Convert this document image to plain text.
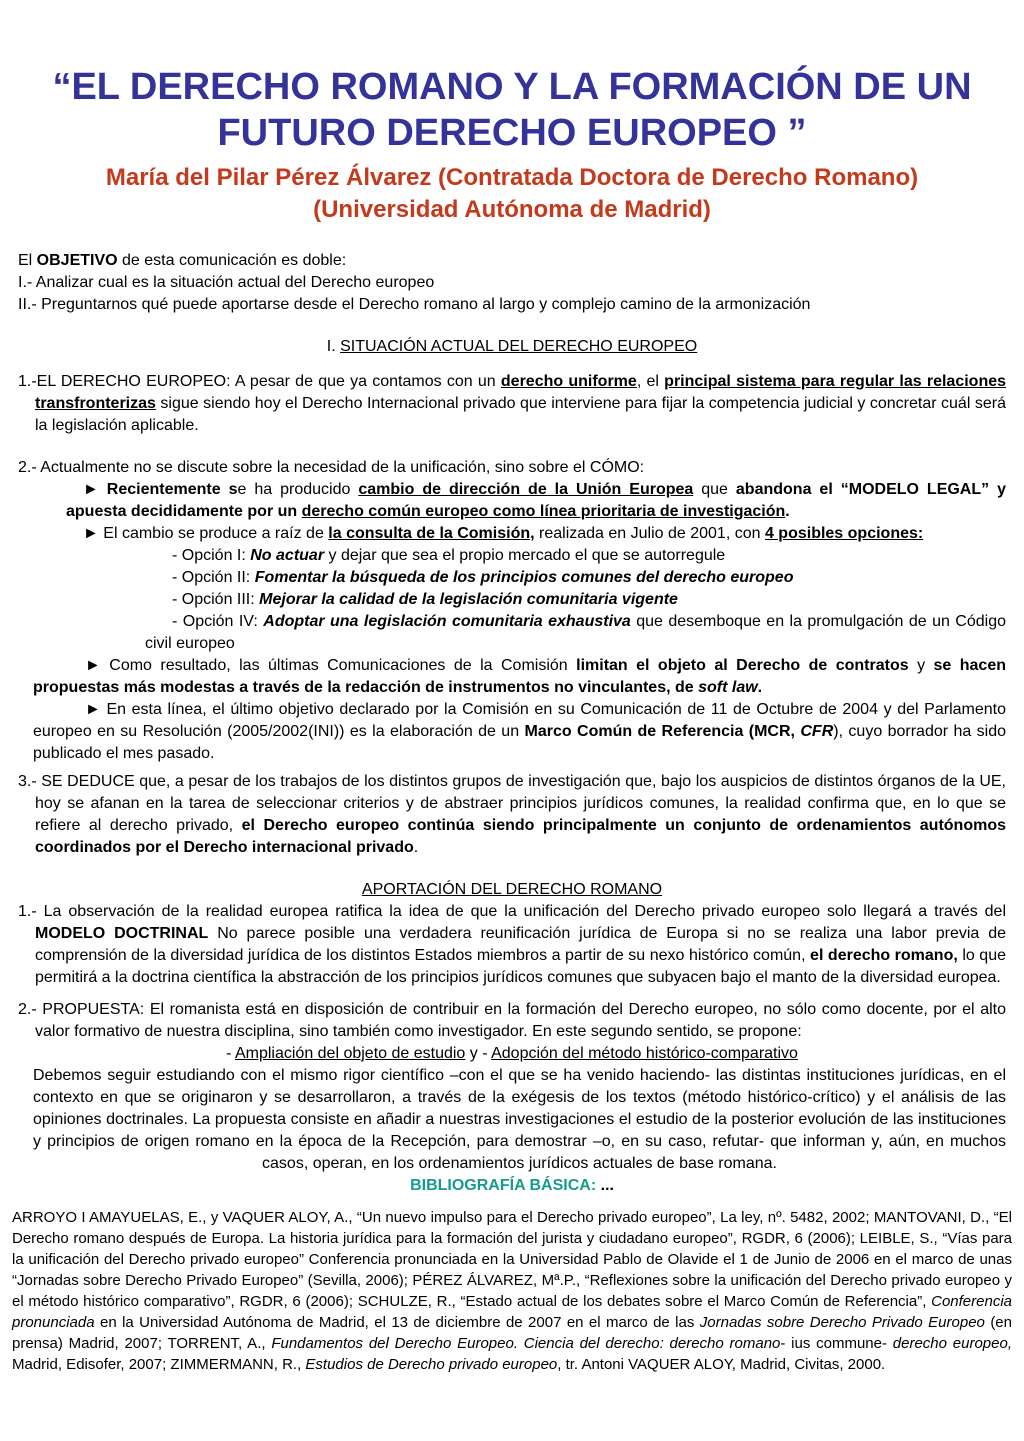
“EL DERECHO ROMANO Y LA FORMACIÓN DE UN
FUTURO DERECHO EUROPEO ”
María del Pilar Pérez Álvarez (Contratada Doctora de Derecho Romano)
(Universidad Autónoma de Madrid)
El OBJETIVO de esta comunicación es doble:
I.- Analizar cual es la situación actual del Derecho europeo
II.- Preguntarnos qué puede aportarse desde el Derecho romano al largo y complejo camino de la armonización
I. SITUACIÓN ACTUAL DEL DERECHO EUROPEO
1.-EL DERECHO EUROPEO: A pesar de que ya contamos con un derecho uniforme, el principal sistema para regular las relaciones transfronterizas sigue siendo hoy el Derecho Internacional privado que interviene para fijar la competencia judicial y concretar cuál será la legislación aplicable.
2.- Actualmente no se discute sobre la necesidad de la unificación, sino sobre el CÓMO:
► Recientemente se ha producido cambio de dirección de la Unión Europea que abandona el “MODELO LEGAL” y apuesta decididamente por un derecho común europeo como línea prioritaria de investigación.
► El cambio se produce a raíz de la consulta de la Comisión, realizada en Julio de 2001, con 4 posibles opciones:
- Opción I: No actuar y dejar que sea el propio mercado el que se autorregule
- Opción II: Fomentar la búsqueda de los principios comunes del derecho europeo
- Opción III: Mejorar la calidad de la legislación comunitaria vigente
- Opción IV: Adoptar una legislación comunitaria exhaustiva que desemboque en la promulgación de un Código civil europeo
► Como resultado, las últimas Comunicaciones de la Comisión limitan el objeto al Derecho de contratos y se hacen propuestas más modestas a través de la redacción de instrumentos no vinculantes, de soft law.
► En esta línea, el último objetivo declarado por la Comisión en su Comunicación de 11 de Octubre de 2004 y del Parlamento europeo en su Resolución (2005/2002(INI)) es la elaboración de un Marco Común de Referencia (MCR, CFR), cuyo borrador ha sido publicado el mes pasado.
3.- SE DEDUCE que, a pesar de los trabajos de los distintos grupos de investigación que, bajo los auspicios de distintos órganos de la UE, hoy se afanan en la tarea de seleccionar criterios y de abstraer principios jurídicos comunes, la realidad confirma que, en lo que se refiere al derecho privado, el Derecho europeo continúa siendo principalmente un conjunto de ordenamientos autónomos coordinados por el Derecho internacional privado.
APORTACIÓN DEL DERECHO ROMANO
1.- La observación de la realidad europea ratifica la idea de que la unificación del Derecho privado europeo solo llegará a través del MODELO DOCTRINAL No parece posible una verdadera reunificación jurídica de Europa si no se realiza una labor previa de comprensión de la diversidad jurídica de los distintos Estados miembros a partir de su nexo histórico común, el derecho romano, lo que permitirá a la doctrina científica la abstracción de los principios jurídicos comunes que subyacen bajo el manto de la diversidad europea.
2.- PROPUESTA: El romanista está en disposición de contribuir en la formación del Derecho europeo, no sólo como docente, por el alto valor formativo de nuestra disciplina, sino también como investigador. En este segundo sentido, se propone:
- Ampliación del objeto de estudio y - Adopción del método histórico-comparativo
Debemos seguir estudiando con el mismo rigor científico –con el que se ha venido haciendo- las distintas instituciones jurídicas, en el contexto en que se originaron y se desarrollaron, a través de la exégesis de los textos (método histórico-crítico) y el análisis de las opiniones doctrinales. La propuesta consiste en añadir a nuestras investigaciones el estudio de la posterior evolución de las instituciones y principios de origen romano en la época de la Recepción, para demostrar –o, en su caso, refutar- que informan y, aún, en muchos casos, operan, en los ordenamientos jurídicos actuales de base romana.
BIBLIOGRAFÍA BÁSICA: ...
ARROYO I AMAYUELAS, E., y VAQUER ALOY, A., “Un nuevo impulso para el Derecho privado europeo”, La ley, nº. 5482, 2002; MANTOVANI, D., “El Derecho romano después de Europa. La historia jurídica para la formación del jurista y ciudadano europeo”, RGDR, 6 (2006); LEIBLE, S., “Vías para la unificación del Derecho privado europeo” Conferencia pronunciada en la Universidad Pablo de Olavide el 1 de Junio de 2006 en el marco de unas “Jornadas sobre Derecho Privado Europeo” (Sevilla, 2006); PÉREZ ÁLVAREZ, Mª.P., “Reflexiones sobre la unificación del Derecho privado europeo y el método histórico comparativo”, RGDR, 6 (2006); SCHULZE, R., “Estado actual de los debates sobre el Marco Común de Referencia”, Conferencia pronunciada en la Universidad Autónoma de Madrid, el 13 de diciembre de 2007 en el marco de las Jornadas sobre Derecho Privado Europeo (en prensa) Madrid, 2007; TORRENT, A., Fundamentos del Derecho Europeo. Ciencia del derecho: derecho romano- ius commune- derecho europeo, Madrid, Edisofer, 2007; ZIMMERMANN, R., Estudios de Derecho privado europeo, tr. Antoni VAQUER ALOY, Madrid, Civitas, 2000.
